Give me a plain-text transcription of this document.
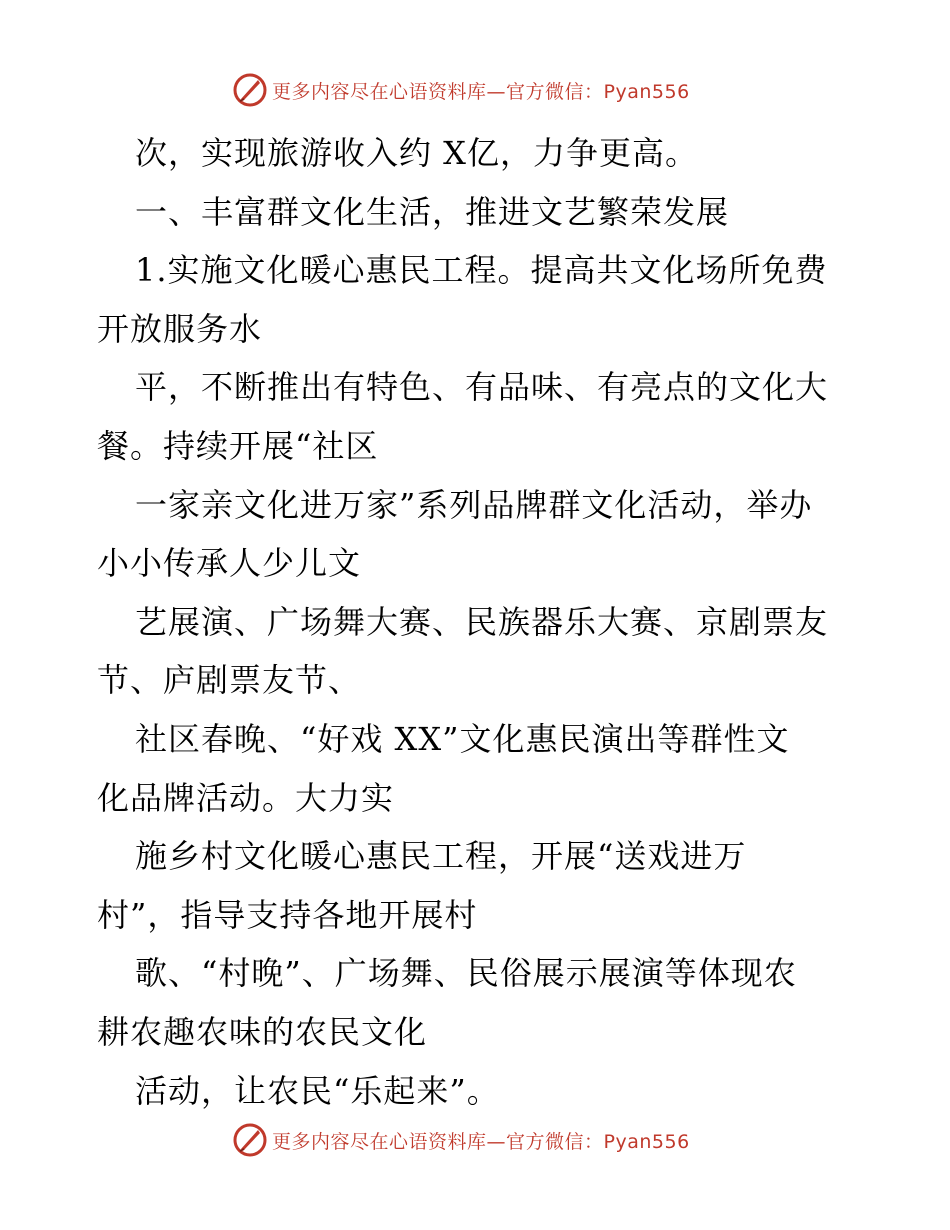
更多内容尽在心语资料库—官方微信：Pyan556
次，实现旅游收入约 X亿，力争更高。
一、丰富群文化生活，推进文艺繁荣发展
1.实施文化暖心惠民工程。提高共文化场所免费
开放服务水
平，不断推出有特色、有品味、有亮点的文化大
餐。持续开展“社区
一家亲文化进万家”系列品牌群文化活动，举办
小小传承人少儿文
艺展演、广场舞大赛、民族器乐大赛、京剧票友
节、庐剧票友节、
社区春晚、“好戏 XX”文化惠民演出等群性文
化品牌活动。大力实
施乡村文化暖心惠民工程，开展“送戏进万
村”，指导支持各地开展村
歌、“村晚”、广场舞、民俗展示展演等体现农
耕农趣农味的农民文化
活动，让农民“乐起来”。
更多内容尽在心语资料库—官方微信：Pyan556
